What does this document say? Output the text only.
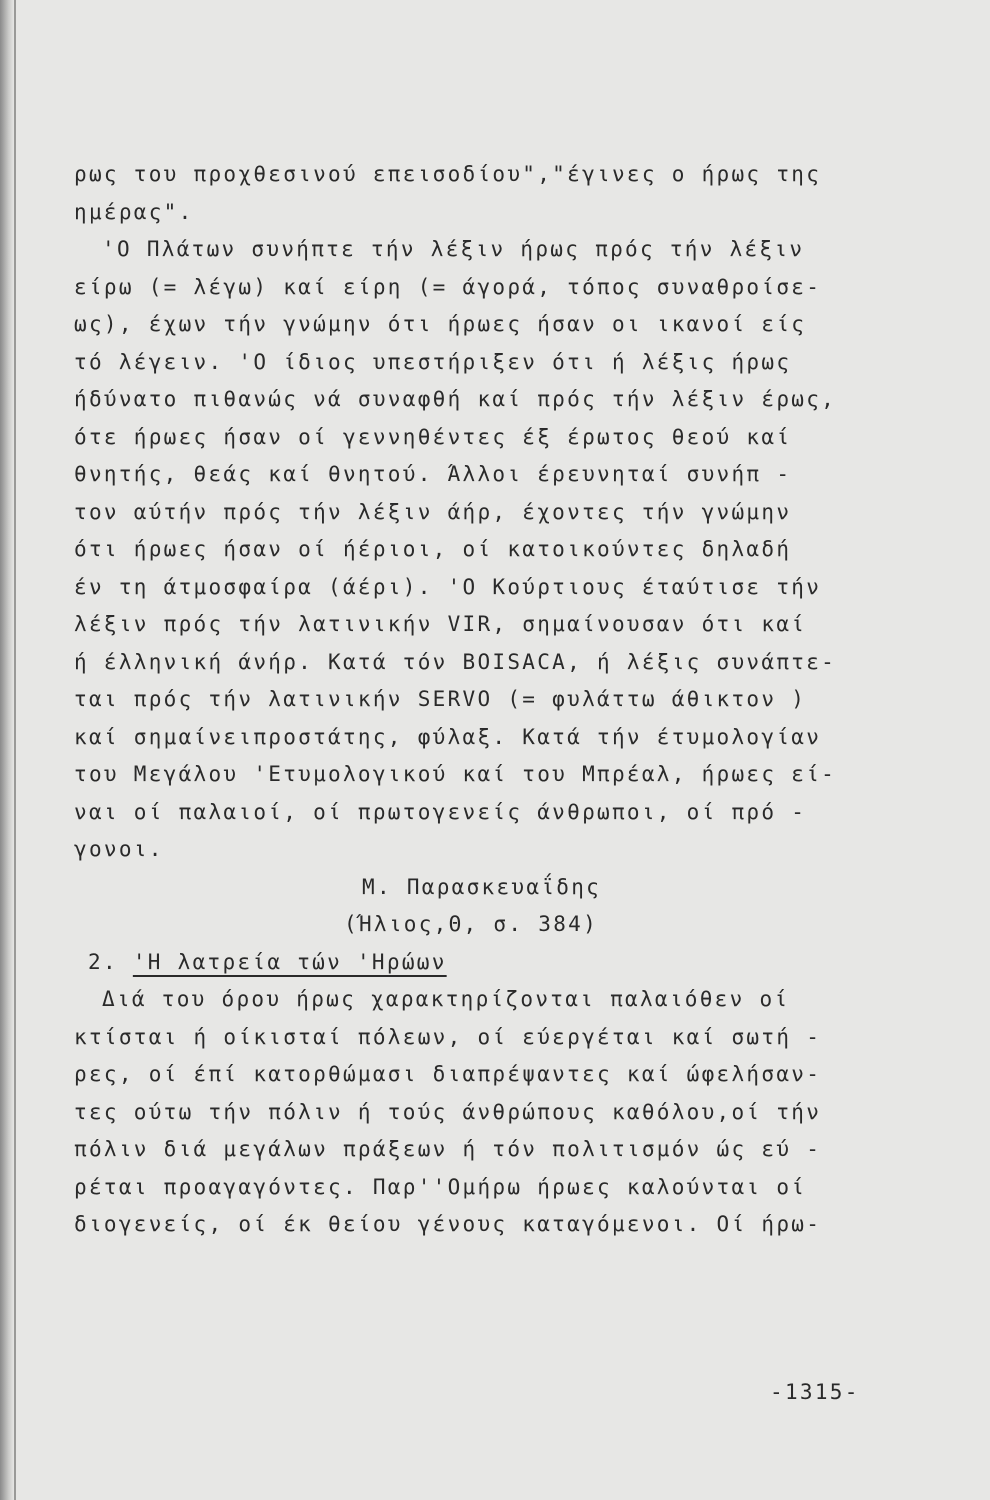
ρως του προχθεσινού επεισοδίου","έγινες ο ήρως της
ημέρας".
'Ο Πλάτων συνήπτε τήν λέξιν ήρως πρός τήν λέξιν
είρω (= λέγω) καί είρη (= άγορά, τόπος συναθροίσε-
ως), έχων τήν γνώμην ότι ήρωες ήσαν οι ικανοί είς
τό λέγειν. 'Ο ίδιος υπεστήριξεν ότι ή λέξις ήρως
ήδύνατο πιθανώς νά συναφθή καί πρός τήν λέξιν έρως,
ότε ήρωες ήσαν οί γεννηθέντες έξ έρωτος θεού καί
θνητής, θεάς καί θνητού. Άλλοι έρευνηταί συνήπ -
τον αύτήν πρός τήν λέξιν άήρ, έχοντες τήν γνώμην
ότι ήρωες ήσαν οί ήέριοι, οί κατοικούντες δηλαδή
έν τη άτμοσφαίρα (άέρι). 'Ο Κούρτιους έταύτισε τήν
λέξιν πρός τήν λατινικήν VIR, σημαίνουσαν ότι καί
ή έλληνική άνήρ. Κατά τόν BOISACA, ή λέξις συνάπτε-
ται πρός τήν λατινικήν SERVO (= φυλάττω άθικτον )
καί σημαίνειπροστάτης, φύλαξ. Κατά τήν έτυμολογίαν
του Μεγάλου 'Ετυμολογικού καί του Μπρέαλ, ήρωες εί-
ναι οί παλαιοί, οί πρωτογενείς άνθρωποι, οί πρό -
γονοι.
Μ. Παρασκευαΐδης
(Ήλιος,Θ, σ. 384)
2. 'Η λατρεία τών 'Ηρώων
Διά του όρου ήρως χαρακτηρίζονται παλαιόθεν οί
κτίσται ή οίκισταί πόλεων, οί εύεργέται καί σωτή -
ρες, οί έπί κατορθώμασι διαπρέψαντες καί ώφελήσαν-
τες ούτω τήν πόλιν ή τούς άνθρώπους καθόλου,οί τήν
πόλιν διά μεγάλων πράξεων ή τόν πολιτισμόν ώς εύ -
ρέται προαγαγόντες. Παρ''Ομήρω ήρωες καλούνται οί
διογενείς, οί έκ θείου γένους καταγόμενοι. Οί ήρω-
-1315-
